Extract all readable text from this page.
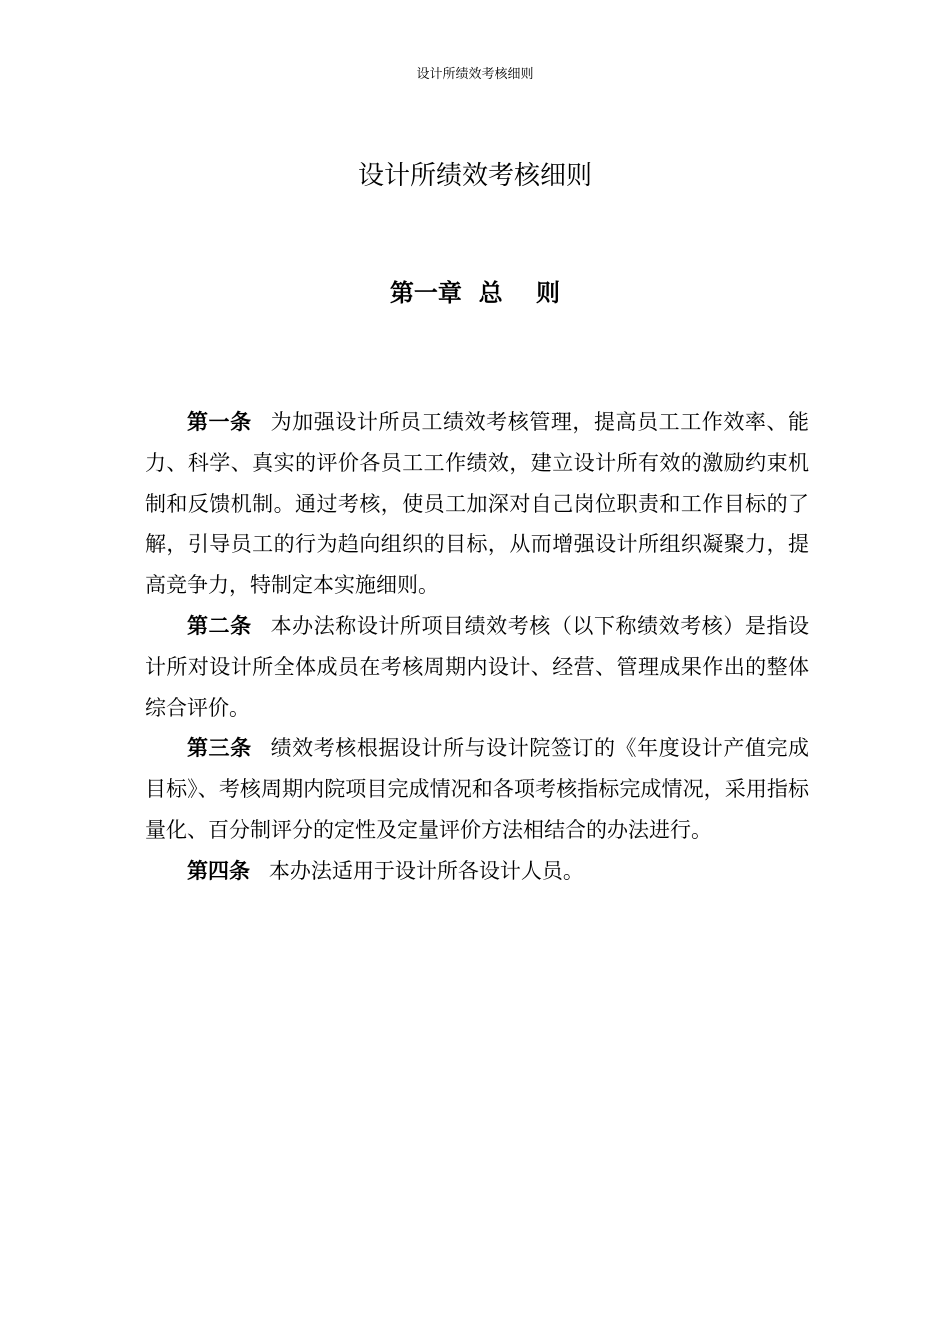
设计所绩效考核细则
设计所绩效考核细则
第一章  总    则

第一条 为加强设计所员工绩效考核管理，提高员工工作效率、能力、科学、真实的评价各员工工作绩效，建立设计所有效的激励约束机制和反馈机制。通过考核，使员工加深对自己岗位职责和工作目标的了解，引导员工的行为趋向组织的目标，从而增强设计所组织凝聚力，提高竞争力，特制定本实施细则。

第二条 本办法称设计所项目绩效考核（以下称绩效考核）是指设计所对设计所全体成员在考核周期内设计、经营、管理成果作出的整体综合评价。

第三条 绩效考核根据设计所与设计院签订的《年度设计产值完成目标》、考核周期内院项目完成情况和各项考核指标完成情况，采用指标量化、百分制评分的定性及定量评价方法相结合的办法进行。

第四条 本办法适用于设计所各设计人员。
